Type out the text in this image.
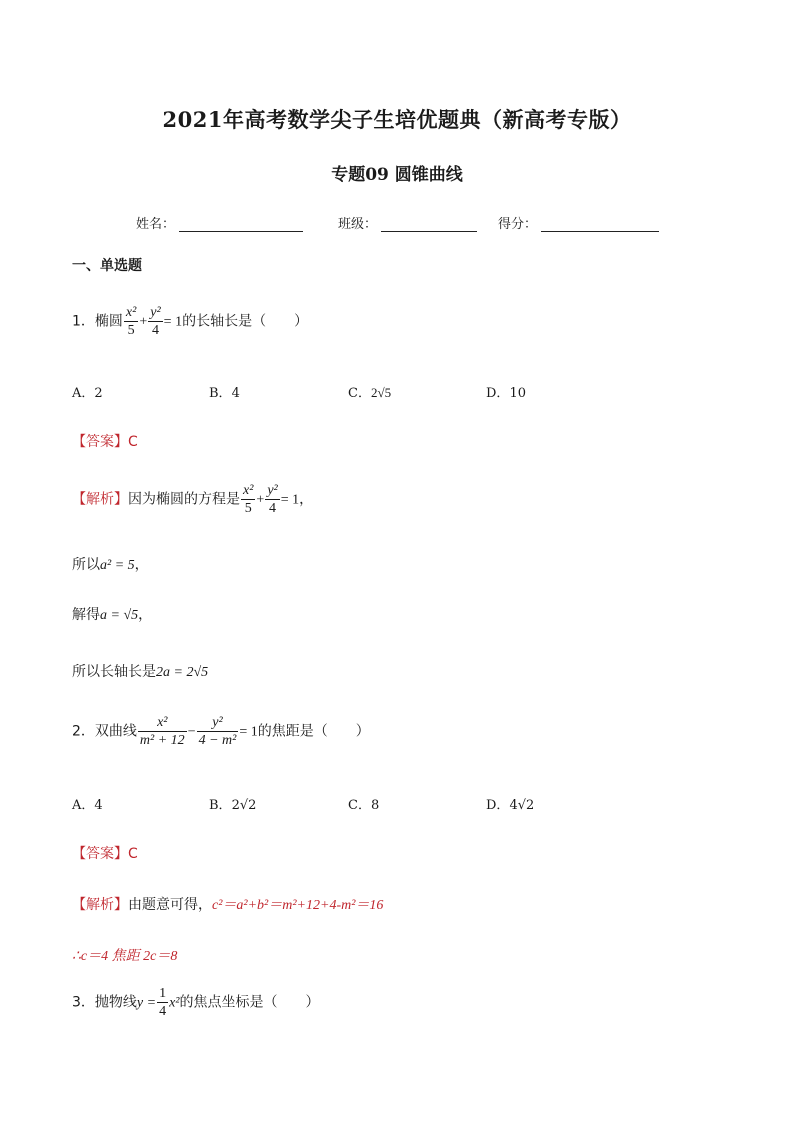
2021年高考数学尖子生培优题典（新高考专版）
专题09 圆锥曲线
姓名：	班级：	得分：
一、单选题
1．椭圆 $\frac{\text{x²}}{5} + \frac{\text{y²}}{4} = 1$的长轴长是（　　）
A．2	B．4	C．2√5	D．10
【答案】C
【解析】因为椭圆的方程是 $\frac{\text{x²}}{5} + \frac{\text{y²}}{4} = 1$，
所以a² = 5，
解得a = √5，
所以长轴长是2a = 2√5
2．双曲线 $\frac{\text{x²}}{\text{m² + 12}} - \frac{\text{y²}}{\text{4 − m²}} = 1$的焦距是（　　）
A．4	B．2√2	C．8	D．4√2
【答案】C
【解析】由题意可得，c²＝a²+b²＝m²+12+4-m²＝16
∴c＝4 焦距 2c＝8
3．抛物线$y = \frac{1}{4} x^2$的焦点坐标是（　　）
